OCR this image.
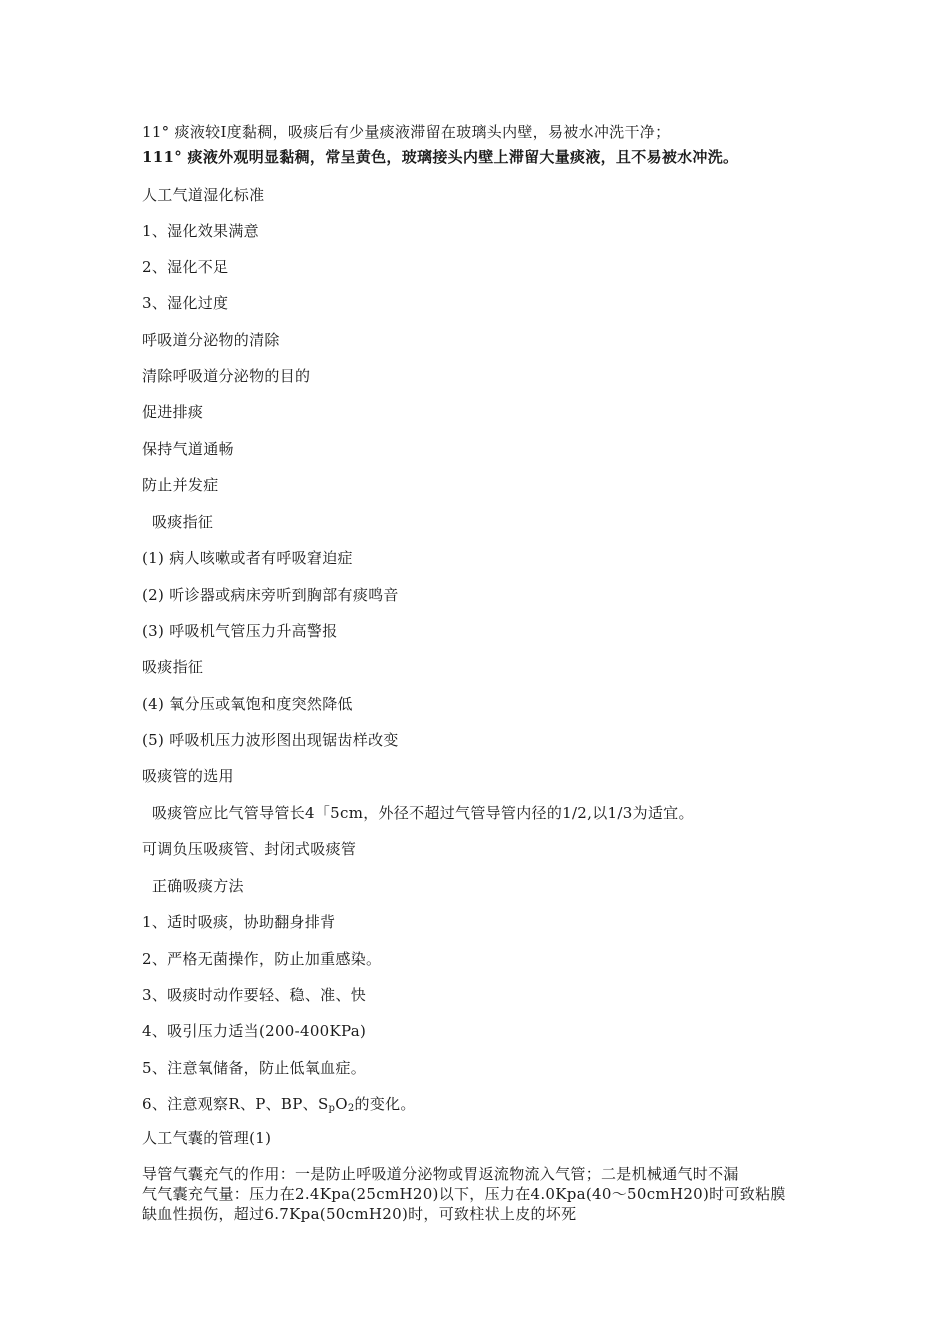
11° 痰液较Ⅰ度黏稠，吸痰后有少量痰液滞留在玻璃头内壁，易被水冲洗干净；
111° 痰液外观明显黏稠，常呈黄色，玻璃接头内壁上滞留大量痰液，且不易被水冲洗。
人工气道湿化标准
1、湿化效果满意
2、湿化不足
3、湿化过度
呼吸道分泌物的清除
清除呼吸道分泌物的目的
促进排痰
保持气道通畅
防止并发症
吸痰指征
(1) 病人咳嗽或者有呼吸窘迫症
(2) 听诊器或病床旁听到胸部有痰鸣音
(3) 呼吸机气管压力升高警报
吸痰指征
(4) 氧分压或氧饱和度突然降低
(5) 呼吸机压力波形图出现锯齿样改变
吸痰管的选用
吸痰管应比气管导管长4「5cm，外径不超过气管导管内径的1/2,以1/3为适宜。
可调负压吸痰管、封闭式吸痰管
正确吸痰方法
1、适时吸痰，协助翻身排背
2、严格无菌操作，防止加重感染。
3、吸痰时动作要轻、稳、准、快
4、吸引压力适当(200-400KPa)
5、注意氧储备，防止低氧血症。
6、注意观察R、P、BP、$S_pO_2$的变化。
人工气囊的管理(1)
导管气囊充气的作用：一是防止呼吸道分泌物或胃返流物流入气管；二是机械通气时不漏
气气囊充气量：压力在2.4Kpa(25cmH20)以下，压力在4.0Kpa(40～50cmH20)时可致粘膜
缺血性损伤，超过6.7Kpa(50cmH20)时，可致柱状上皮的坏死
